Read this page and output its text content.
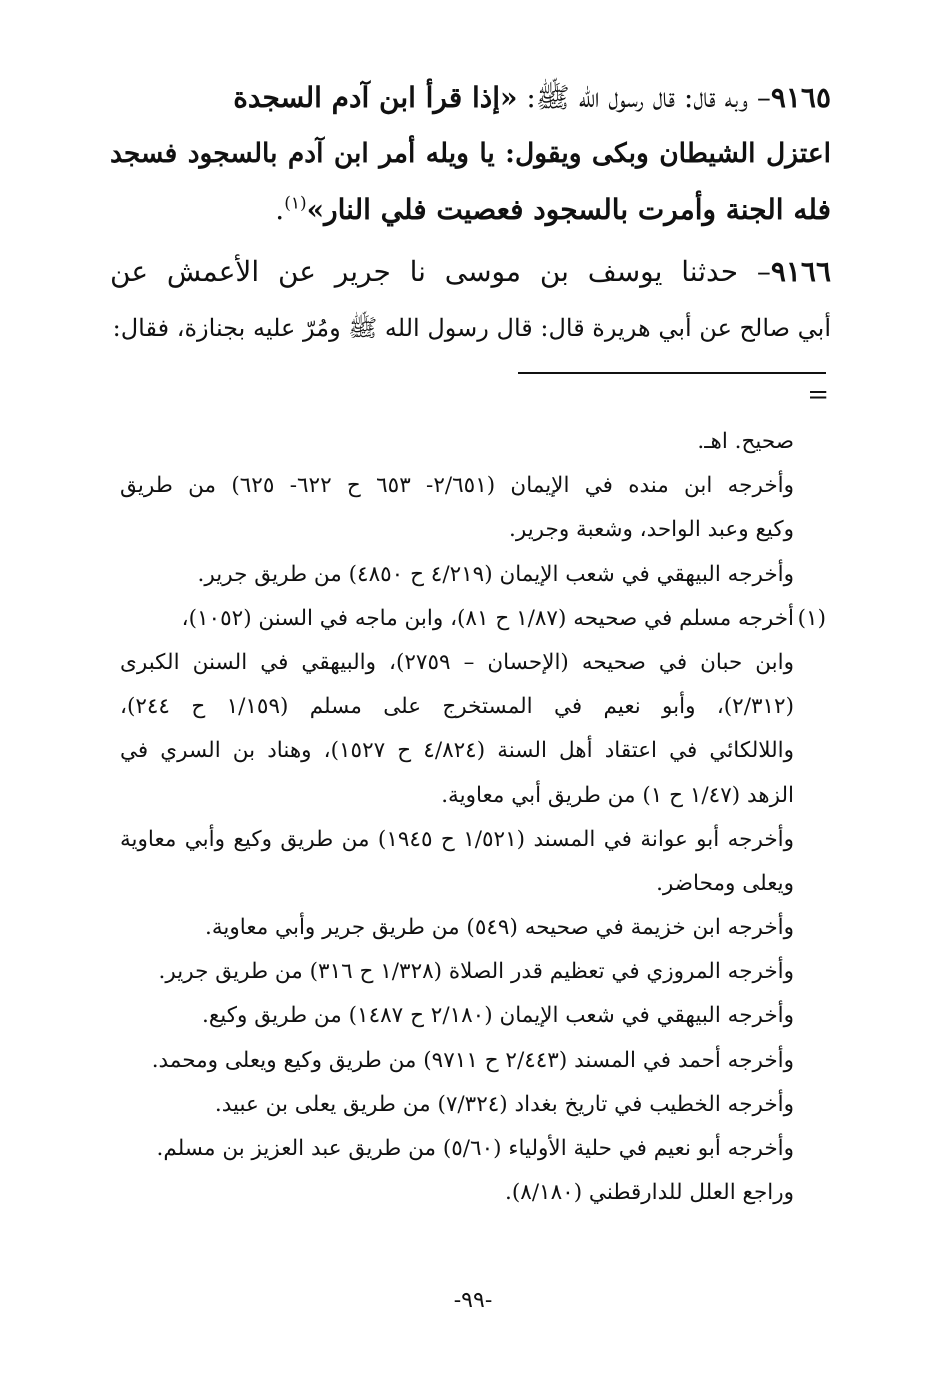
٩١٦٥– وبه قال: قال رسول الله ﷺ: «إذا قرأ ابن آدم السجدة
اعتزل الشيطان وبكى ويقول: يا ويله أمر ابن آدم بالسجود فسجد
فله الجنة وأمرت بالسجود فعصيت فلي النار»$^{(١)}$.
٩١٦٦– حدثنا يوسف بن موسى نا جرير عن الأعمش عن
أبي صالح عن أبي هريرة قال: قال رسول الله ﷺ ومُرّ عليه بجنازة، فقال:
=
صحيح. اهـ.
وأخرجه ابن منده في الإيمان (٢/٦٥١- ٦٥٣ ح ٦٢٢- ٦٢٥) من طريق
وكيع وعبد الواحد، وشعبة وجرير.
وأخرجه البيهقي في شعب الإيمان (٤/٢١٩ ح ٤٨٥٠) من طريق جرير.
(١)أخرجه مسلم في صحيحه (١/٨٧ ح ٨١)، وابن ماجه في السنن (١٠٥٢)،
وابن حبان في صحيحه (الإحسان – ٢٧٥٩)، والبيهقي في السنن الكبرى
(٢/٣١٢)، وأبو نعيم في المستخرج على مسلم (١/١٥٩ ح ٢٤٤)،
واللالكائي في اعتقاد أهل السنة (٤/٨٢٤ ح ١٥٢٧)، وهناد بن السري في
الزهد (١/٤٧ ح ١) من طريق أبي معاوية.
وأخرجه أبو عوانة في المسند (١/٥٢١ ح ١٩٤٥) من طريق وكيع وأبي معاوية
ويعلى ومحاضر.
وأخرجه ابن خزيمة في صحيحه (٥٤٩) من طريق جرير وأبي معاوية.
وأخرجه المروزي في تعظيم قدر الصلاة (١/٣٢٨ ح ٣١٦) من طريق جرير.
وأخرجه البيهقي في شعب الإيمان (٢/١٨٠ ح ١٤٨٧) من طريق وكيع.
وأخرجه أحمد في المسند (٢/٤٤٣ ح ٩٧١١) من طريق وكيع ويعلى ومحمد.
وأخرجه الخطيب في تاريخ بغداد (٧/٣٢٤) من طريق يعلى بن عبيد.
وأخرجه أبو نعيم في حلية الأولياء (٥/٦٠) من طريق عبد العزيز بن مسلم.
وراجع العلل للدارقطني (٨/١٨٠).
-٩٩-
